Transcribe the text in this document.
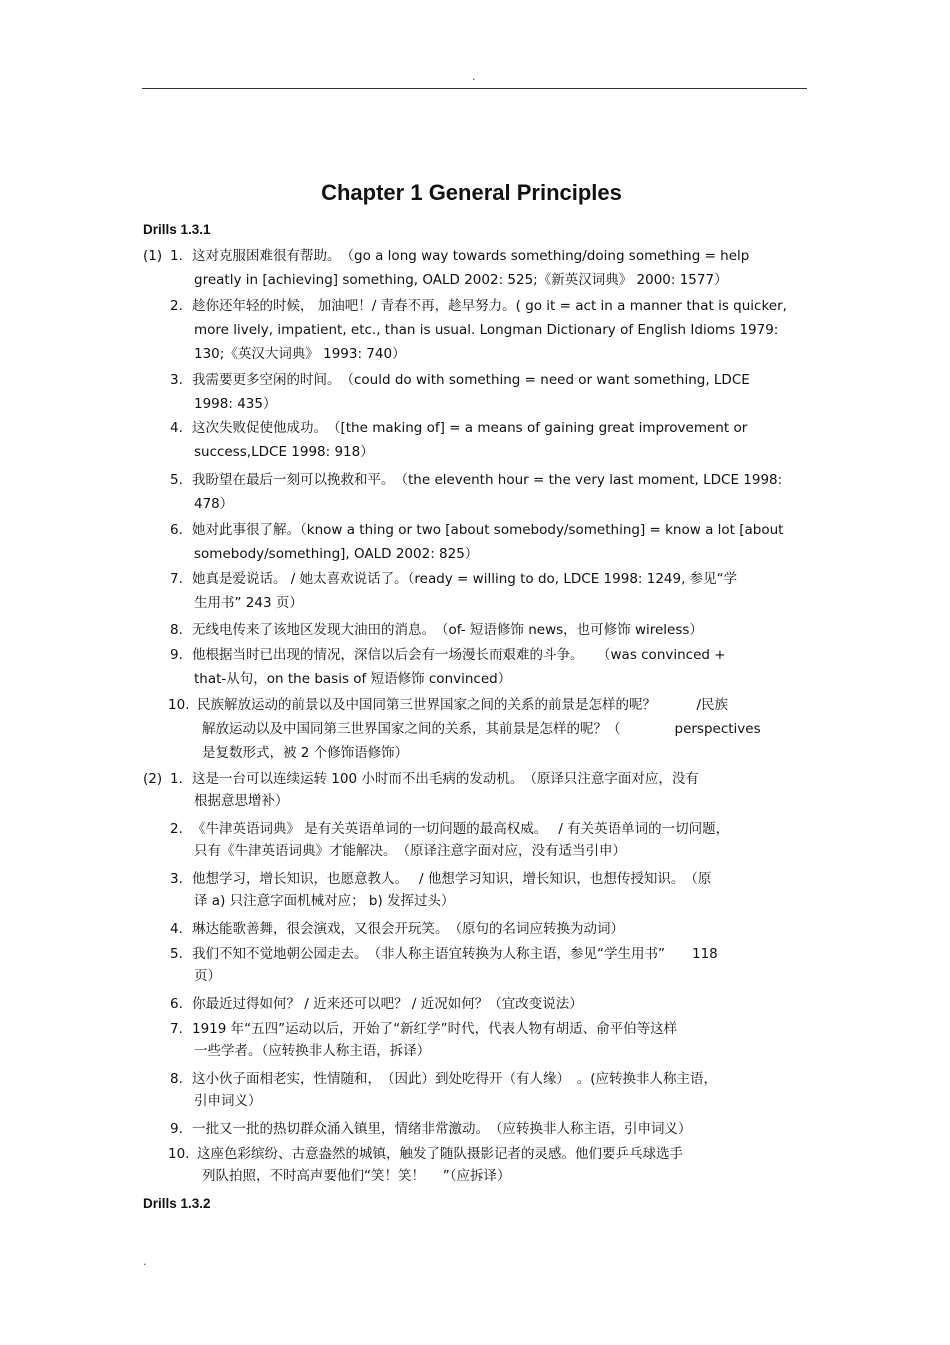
.
Chapter 1 General Principles
Drills 1.3.1
(1) 1. 这对克服困难很有帮助。　（go a long way towards something/doing something = help
greatly in [achieving] something, OALD 2002: 525;《新英汉词典》 2000: 1577）
2. 趁你还年轻的时候， 加油吧！/ 青春不再，趁早努力。( go it = act in a manner that is quicker,
more lively, impatient, etc., than is usual. Longman Dictionary of English Idioms 1979:
130;《英汉大词典》 1993: 740）
3. 我需要更多空闲的时间。　（could do with something = need or want something, LDCE
1998: 435）
4. 这次失败促使他成功。　（[the making of] = a means of gaining great improvement or
success,LDCE 1998: 918）
5. 我盼望在最后一刻可以挽救和平。　（the eleventh hour = the very last moment, LDCE 1998:
478）
6. 她对此事很了解。（know a thing or two [about somebody/something] = know a lot [about
somebody/something], OALD 2002: 825）
7. 她真是爱说话。 / 她太喜欢说话了。（ready = willing to do, LDCE 1998: 1249, 参见“学
生用书” 243 页）
8. 无线电传来了该地区发现大油田的消息。　（of- 短语修饰 news，也可修饰 wireless）
9. 他根据当时已出现的情况，深信以后会有一场漫长而艰难的斗争。　　（was convinced +
that-从句，on the basis of 短语修饰 convinced）
10. 民族解放运动的前景以及中国同第三世界国家之间的关系的前景是怎样的呢？　　　/民族
解放运动以及中国同第三世界国家之间的关系，其前景是怎样的呢？（　　　　perspectives
是复数形式，被 2 个修饰语修饰）
(2) 1. 这是一台可以连续运转 100 小时而不出毛病的发动机。　（原译只注意字面对应，没有
根据意思增补）
2. 《牛津英语词典》 是有关英语单词的一切问题的最高权威。　 / 有关英语单词的一切问题，
只有《牛津英语词典》才能解决。　（原译注意字面对应，没有适当引申）
3. 他想学习，增长知识，也愿意教人。　 / 他想学习知识，增长知识，也想传授知识。　（原
译 a) 只注意字面机械对应； b) 发挥过头）
4. 琳达能歌善舞，很会演戏，又很会开玩笑。　（原句的名词应转换为动词）
5. 我们不知不觉地朝公园走去。　（非人称主语宜转换为人称主语，参见“学生用书”　　118
页）
6. 你最近过得如何？ / 近来还可以吧？ / 近况如何？（宜改变说法）
7. 1919 年“五四”运动以后，开始了“新红学”时代，代表人物有胡适、俞平伯等这样
一些学者。（应转换非人称主语，拆译）
8. 这小伙子面相老实，性情随和，　（因此）到处吃得开（有人缘）　。(应转换非人称主语，
引申词义）
9. 一批又一批的热切群众涌入镇里，情绪非常激动。　（应转换非人称主语，引申词义）
10. 这座色彩缤纷、古意盎然的城镇，触发了随队摄影记者的灵感。他们要乒乓球选手
列队拍照，不时高声要他们“笑！笑！　 ”（应拆译）
Drills 1.3.2
.
